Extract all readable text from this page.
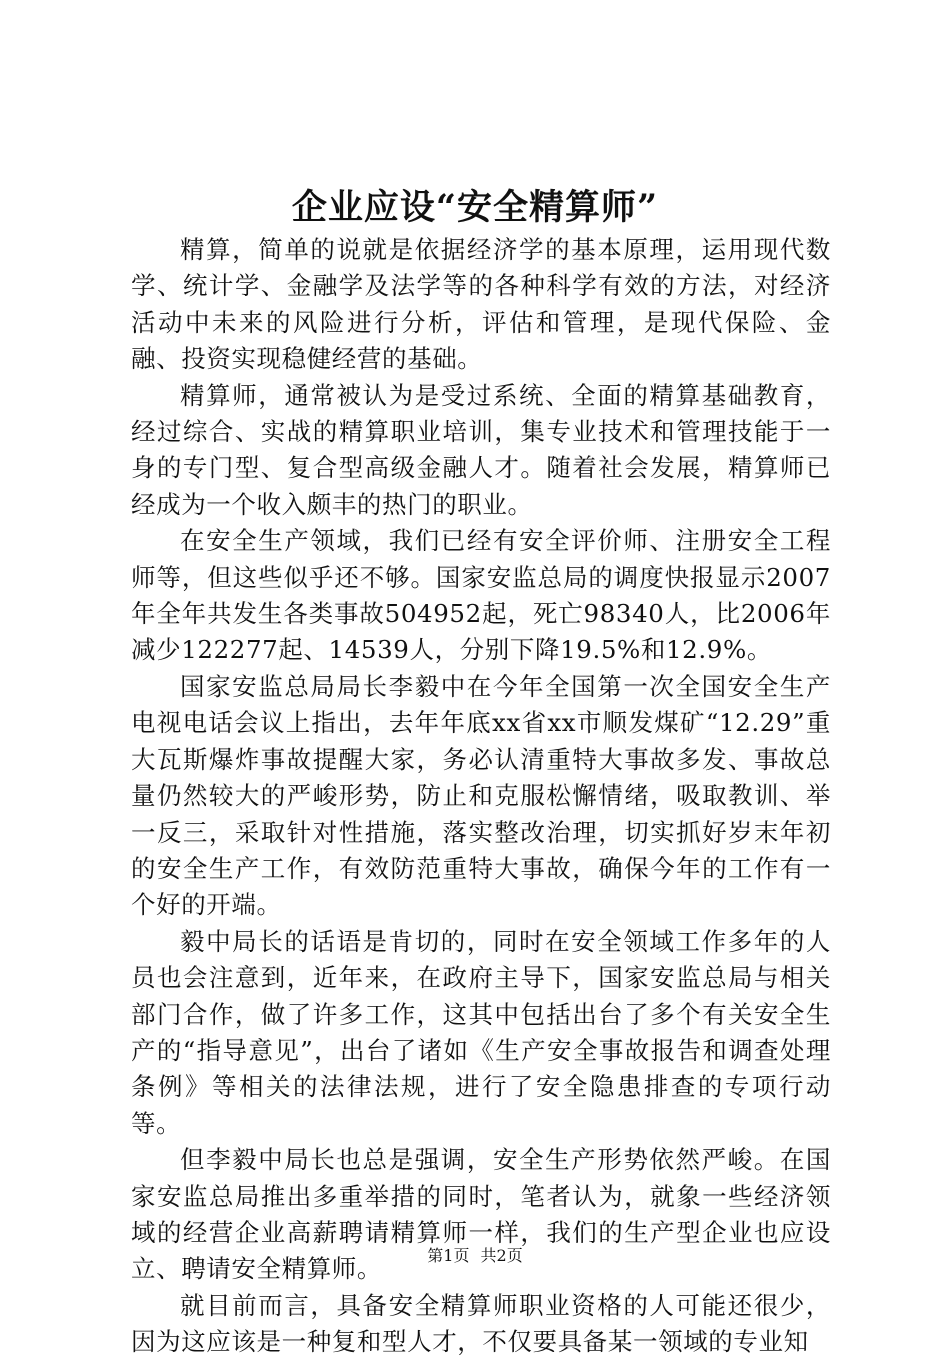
企业应设“安全精算师”

精算，简单的说就是依据经济学的基本原理，运用现代数学、统计学、金融学及法学等的各种科学有效的方法，对经济活动中未来的风险进行分析，评估和管理，是现代保险、金融、投资实现稳健经营的基础。

精算师，通常被认为是受过系统、全面的精算基础教育，经过综合、实战的精算职业培训，集专业技术和管理技能于一身的专门型、复合型高级金融人才。随着社会发展，精算师已经成为一个收入颇丰的热门的职业。

在安全生产领域，我们已经有安全评价师、注册安全工程师等，但这些似乎还不够。国家安监总局的调度快报显示2007年全年共发生各类事故504952起，死亡98340人，比2006年减少122277起、14539人，分别下降19.5%和12.9%。

国家安监总局局长李毅中在今年全国第一次全国安全生产电视电话会议上指出，去年年底xx省xx市顺发煤矿“12.29”重大瓦斯爆炸事故提醒大家，务必认清重特大事故多发、事故总量仍然较大的严峻形势，防止和克服松懈情绪，吸取教训、举一反三，采取针对性措施，落实整改治理，切实抓好岁末年初的安全生产工作，有效防范重特大事故，确保今年的工作有一个好的开端。

毅中局长的话语是肯切的，同时在安全领域工作多年的人员也会注意到，近年来，在政府主导下，国家安监总局与相关部门合作，做了许多工作，这其中包括出台了多个有关安全生产的“指导意见”，出台了诸如《生产安全事故报告和调查处理条例》等相关的法律法规，进行了安全隐患排查的专项行动等。

但李毅中局长也总是强调，安全生产形势依然严峻。在国家安监总局推出多重举措的同时，笔者认为，就象一些经济领域的经营企业高薪聘请精算师一样，我们的生产型企业也应设立、聘请安全精算师。

就目前而言，具备安全精算师职业资格的人可能还很少，因为这应该是一种复和型人才，不仅要具备某一领域的专业知

第1页 共2页
